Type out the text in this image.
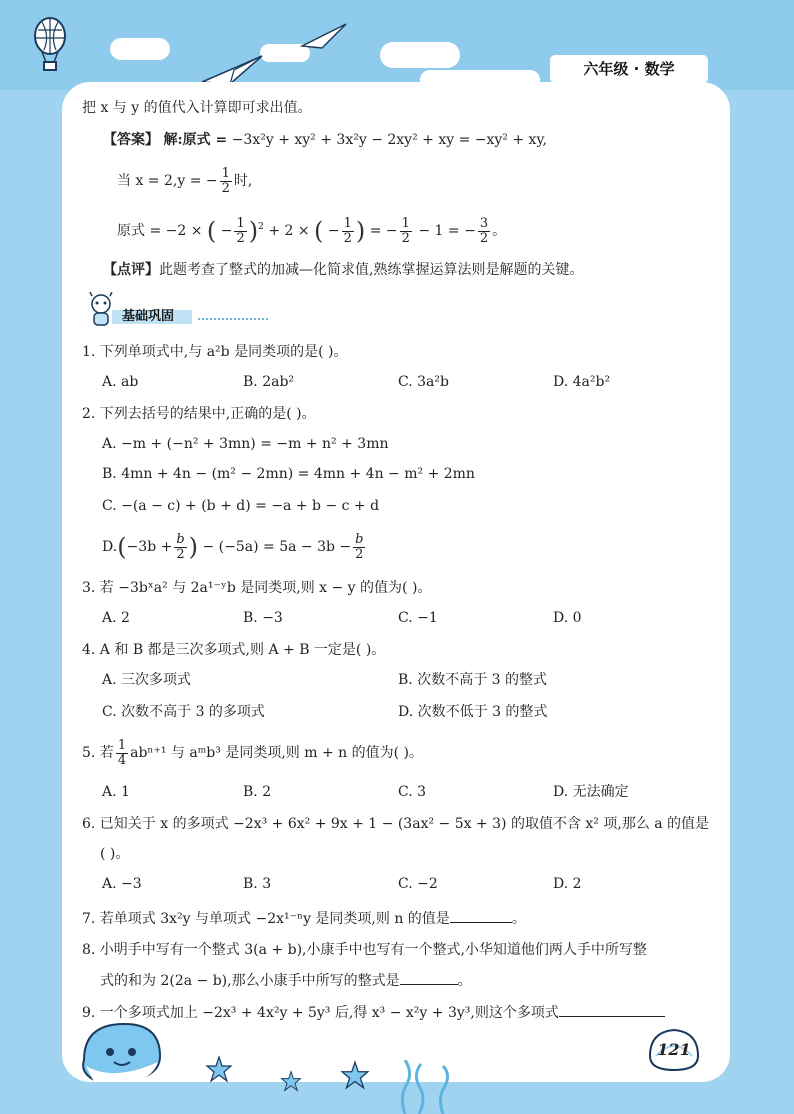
六年级 · 数学
把 x 与 y 的值代入计算即可求出值。
【答案】 解:原式 = −3x²y + xy² + 3x²y − 2xy² + xy = −xy² + xy,
当 x = 2,y = − $\frac{1}{2}$ 时,
原式 = −2 × ( − $\frac{1}{2} )^2 + 2$ × ( − $\frac{1}{2}$ ) = − $\frac{1}{2} - 1$ = − $\frac{3}{2}$ 。
【点评】此题考查了整式的加减—化简求值,熟练掌握运算法则是解题的关键。
基础巩固
1. 下列单项式中,与 a²b 是同类项的是( )。
A. ab	B. 2ab²	C. 3a²b	D. 4a²b²
2. 下列去括号的结果中,正确的是( )。
A. −m + (−n² + 3mn) = −m + n² + 3mn
B. 4mn + 4n − (m² − 2mn) = 4mn + 4n − m² + 2mn
C. −(a − c) + (b + d) = −a + b − c + d
$D.(-3b + \frac{b}{2}$ ) − $(-5a) = 5a - 3b - \frac{b}{2}$
3. 若 −3bˣa² 与 2a¹⁻ʸb 是同类项,则 x − y 的值为( )。
A. 2	B. −3	C. −1	D. 0
4. A 和 B 都是三次多项式,则 A + B 一定是( )。
A. 三次多项式	B. 次数不高于 3 的整式
C. 次数不高于 3 的多项式	D. 次数不低于 3 的整式
5. 若 $\frac{1}{4} ab^{n+1}$ 与 aᵐb³ 是同类项,则 m + n 的值为( )。
A. 1	B. 2	C. 3	D. 无法确定
6. 已知关于 x 的多项式 −2x³ + 6x² + 9x + 1 − (3ax² − 5x + 3) 的取值不含 x² 项,那么 a 的值是
( )。
A. −3	B. 3	C. −2	D. 2
7. 若单项式 3x²y 与单项式 −2x¹⁻ⁿy 是同类项,则 n 的值是	。
8. 小明手中写有一个整式 3(a + b),小康手中也写有一个整式,小华知道他们两人手中所写整
式的和为 2(2a − b),那么小康手中所写的整式是	。
9. 一个多项式加上 −2x³ + 4x²y + 5y³ 后,得 x³ − x²y + 3y³,则这个多项式
121
